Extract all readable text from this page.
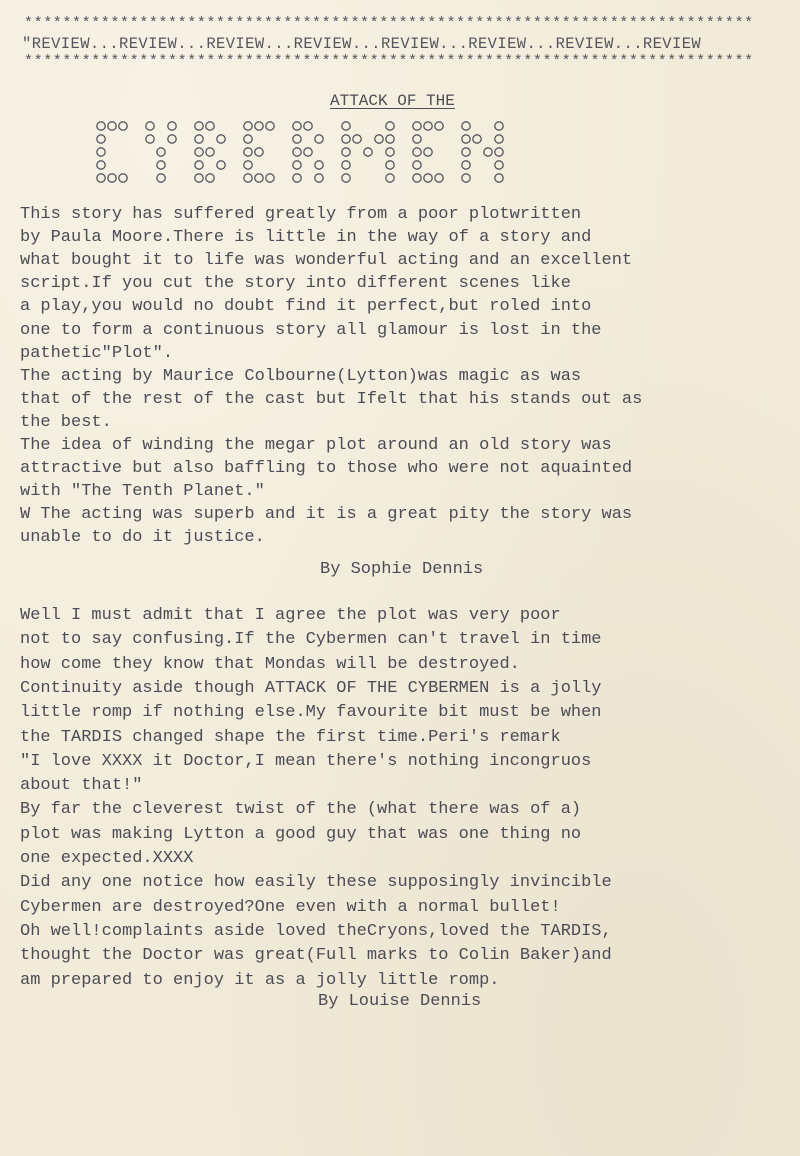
****************************************************************************
"REVIEW...REVIEW...REVIEW...REVIEW...REVIEW...REVIEW...REVIEW...REVIEW
****************************************************************************
ATTACK OF THE
This story has suffered greatly from a poor plotwritten
by Paula Moore.There is little in the way of a story and
what bought it to life was wonderful acting and an excellent
script.If you cut the story into different scenes like
a play,you would no doubt find it perfect,but roled into
one to form a continuous story all glamour is lost in the
pathetic"Plot".
The acting by Maurice Colbourne(Lytton)was magic as was
that of the rest of the cast but Ifelt that his stands out as
the best.
The idea of winding the megar plot around an old story was
attractive but also baffling to those who were not aquainted
with "The Tenth Planet."
W The acting was superb and it is a great pity the story was
unable to do it justice.
By Sophie Dennis
Well I must admit that I agree the plot was very poor
not to say confusing.If the Cybermen can't travel in time
how come they know that Mondas will be destroyed.
Continuity aside though ATTACK OF THE CYBERMEN is a jolly
little romp if nothing else.My favourite bit must be when
the TARDIS changed shape the first time.Peri's remark
"I love XXXX it Doctor,I mean there's nothing incongruos
about that!"
By far the cleverest twist of the (what there was of a)
plot was making Lytton a good guy that was one thing no
one expected.XXXX
Did any one notice how easily these supposingly invincible
Cybermen are destroyed?One even with a normal bullet!
Oh well!complaints aside loved theCryons,loved the TARDIS,
thought the Doctor was great(Full marks to Colin Baker)and
am prepared to enjoy it as a jolly little romp.
By Louise Dennis
